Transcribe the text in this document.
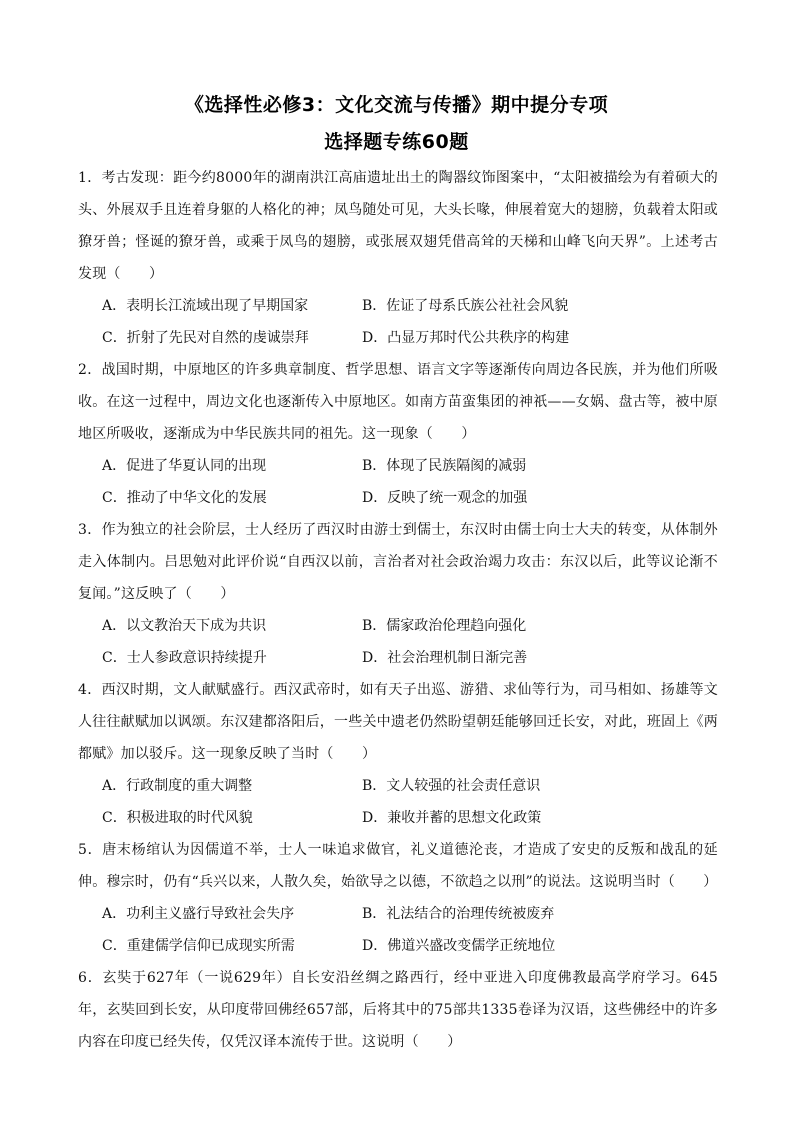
《选择性必修3：文化交流与传播》期中提分专项
选择题专练60题

1．考古发现：距今约8000年的湖南洪江高庙遗址出土的陶器纹饰图案中，“太阳被描绘为有着硕大的头、外展双手且连着身躯的人格化的神；凤鸟随处可见，大头长喙，伸展着宽大的翅膀，负载着太阳或獠牙兽；怪诞的獠牙兽，或乘于凤鸟的翅膀，或张展双翅凭借高耸的天梯和山峰飞向天界”。上述考古发现（　　）

A．表明长江流域出现了早期国家	B．佐证了母系氏族公社社会风貌
C．折射了先民对自然的虔诚崇拜	D．凸显万邦时代公共秩序的构建

2．战国时期，中原地区的许多典章制度、哲学思想、语言文字等逐渐传向周边各民族，并为他们所吸收。在这一过程中，周边文化也逐渐传入中原地区。如南方苗蛮集团的神祇——女娲、盘古等，被中原地区所吸收，逐渐成为中华民族共同的祖先。这一现象（　　）

A．促进了华夏认同的出现	B．体现了民族隔阂的减弱
C．推动了中华文化的发展	D．反映了统一观念的加强

3．作为独立的社会阶层，士人经历了西汉时由游士到儒士，东汉时由儒士向士大夫的转变，从体制外走入体制内。吕思勉对此评价说“自西汉以前，言治者对社会政治竭力攻击：东汉以后，此等议论渐不复闻。”这反映了（　　）

A．以文教治天下成为共识	B．儒家政治伦理趋向强化
C．士人参政意识持续提升	D．社会治理机制日渐完善

4．西汉时期，文人献赋盛行。西汉武帝时，如有天子出巡、游猎、求仙等行为，司马相如、扬雄等文人往往献赋加以讽颂。东汉建都洛阳后，一些关中遗老仍然盼望朝廷能够回迁长安，对此，班固上《两都赋》加以驳斥。这一现象反映了当时（　　）

A．行政制度的重大调整	B．文人较强的社会责任意识
C．积极进取的时代风貌	D．兼收并蓄的思想文化政策

5．唐末杨绾认为因儒道不举，士人一味追求做官，礼义道德沦丧，才造成了安史的反叛和战乱的延伸。穆宗时，仍有“兵兴以来，人散久矣，始欲导之以德，不欲趋之以刑”的说法。这说明当时（　　）

A．功利主义盛行导致社会失序	B．礼法结合的治理传统被废弃
C．重建儒学信仰已成现实所需	D．佛道兴盛改变儒学正统地位

6．玄奘于627年（一说629年）自长安沿丝绸之路西行，经中亚进入印度佛教最高学府学习。645年，玄奘回到长安，从印度带回佛经657部，后将其中的75部共1335卷译为汉语，这些佛经中的许多内容在印度已经失传，仅凭汉译本流传于世。这说明（　　）
